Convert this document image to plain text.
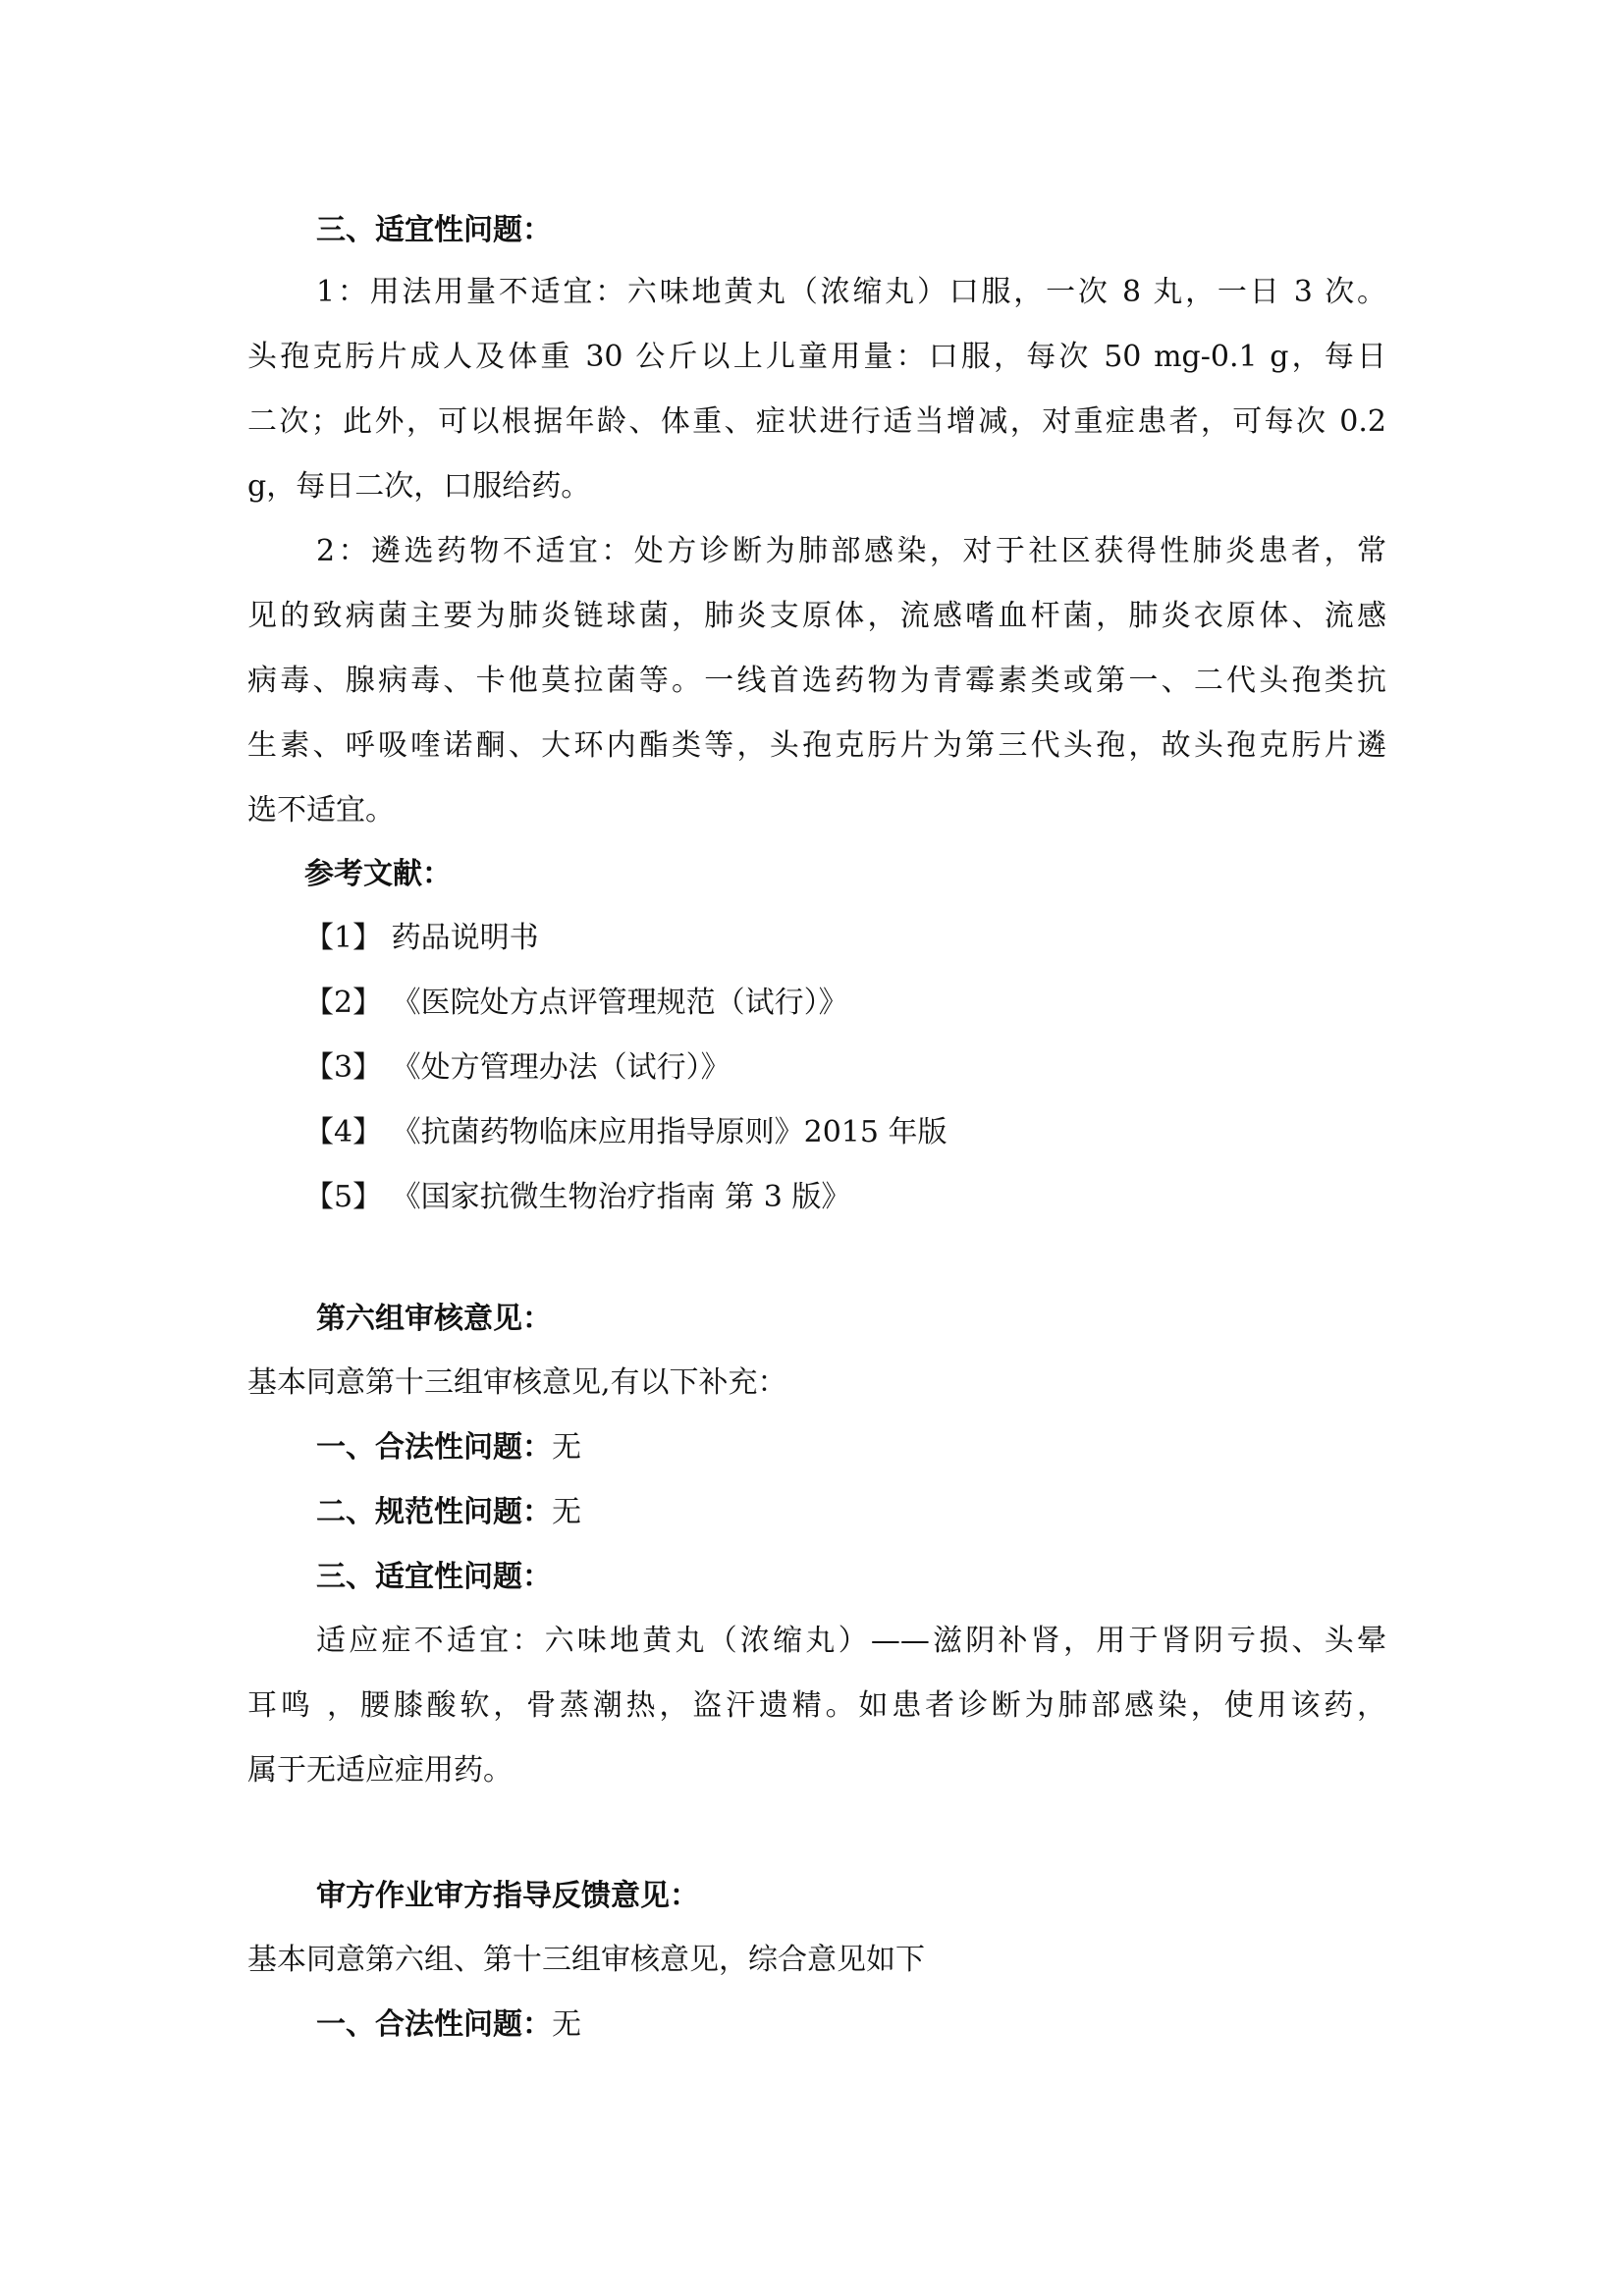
三、适宜性问题：
1：用法用量不适宜：六味地黄丸（浓缩丸）口服，一次 8 丸，一日 3 次。
头孢克肟片成人及体重 30 公斤以上儿童用量：口服，每次 50 mg-0.1 g，每日
二次；此外，可以根据年龄、体重、症状进行适当增减，对重症患者，可每次 0.2
g，每日二次，口服给药。
2：遴选药物不适宜：处方诊断为肺部感染，对于社区获得性肺炎患者，常
见的致病菌主要为肺炎链球菌，肺炎支原体，流感嗜血杆菌，肺炎衣原体、流感
病毒、腺病毒、卡他莫拉菌等。一线首选药物为青霉素类或第一、二代头孢类抗
生素、呼吸喹诺酮、大环内酯类等，头孢克肟片为第三代头孢，故头孢克肟片遴
选不适宜。
参考文献：
【1】 药品说明书
【2】 《医院处方点评管理规范（试行）》
【3】 《处方管理办法（试行）》
【4】 《抗菌药物临床应用指导原则》2015 年版
【5】 《国家抗微生物治疗指南 第 3 版》
第六组审核意见：
基本同意第十三组审核意见,有以下补充：
一、合法性问题：无
二、规范性问题：无
三、适宜性问题：
适应症不适宜：六味地黄丸（浓缩丸）——滋阴补肾，用于肾阴亏损、头晕
耳鸣 ，腰膝酸软，骨蒸潮热，盗汗遗精。如患者诊断为肺部感染，使用该药，
属于无适应症用药。
审方作业审方指导反馈意见：
基本同意第六组、第十三组审核意见，综合意见如下
一、合法性问题：无
